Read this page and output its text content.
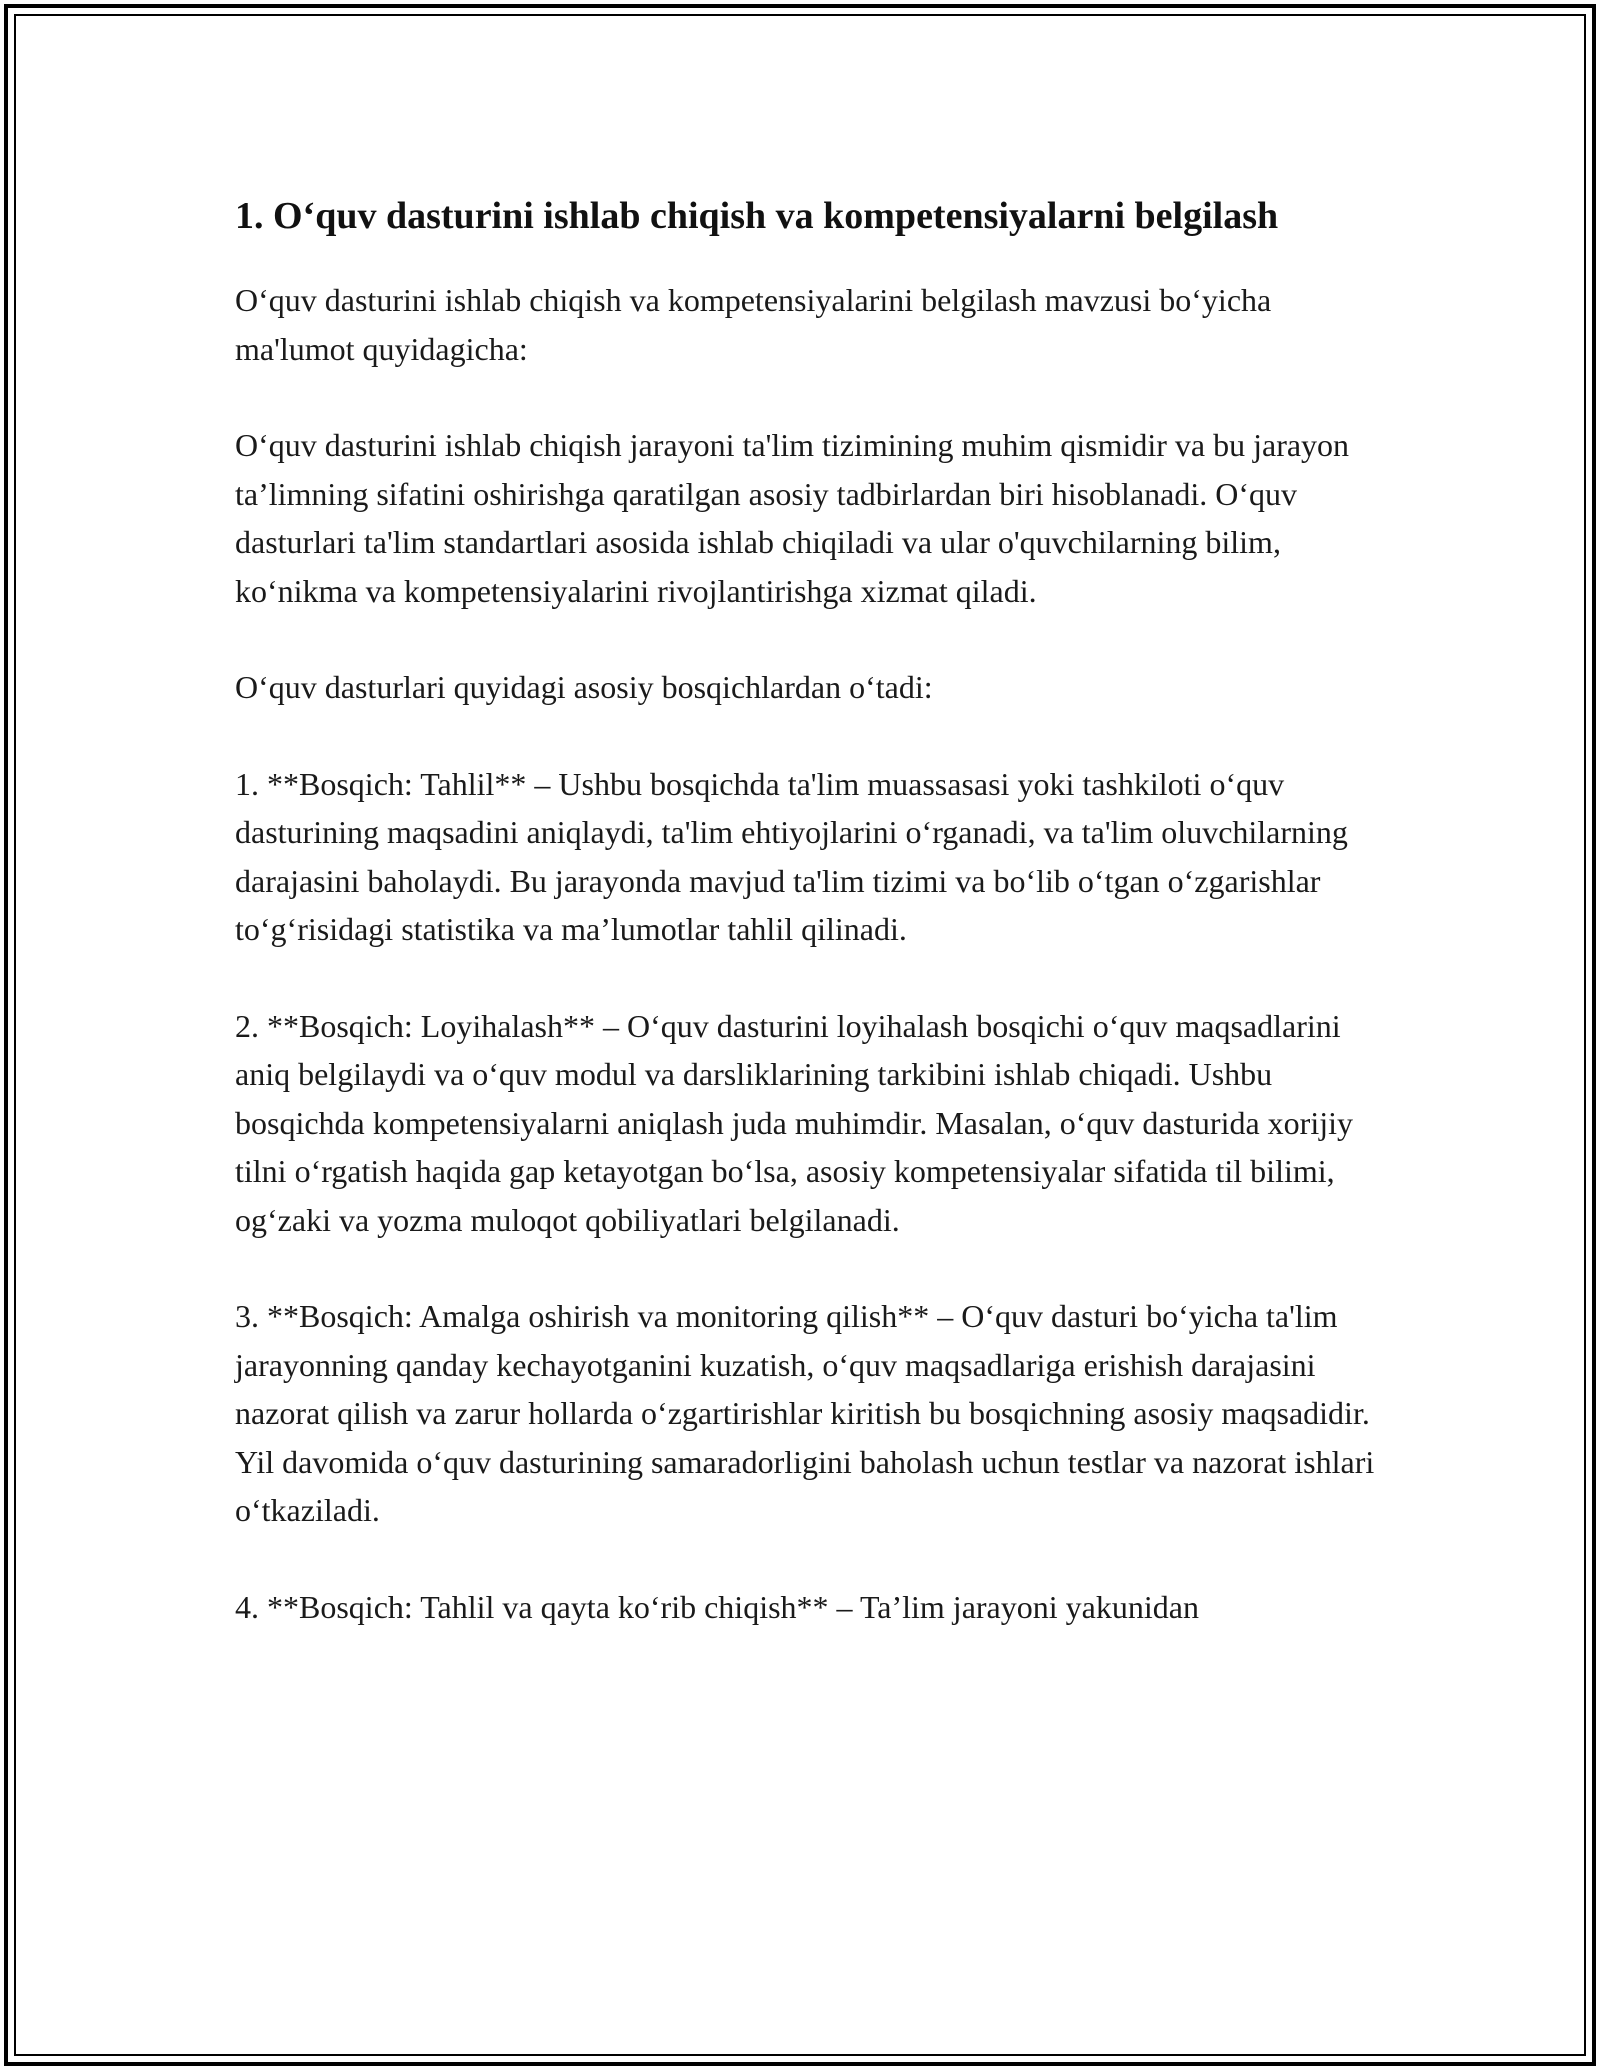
1. O‘quv dasturini ishlab chiqish va kompetensiyalarni belgilash

O‘quv dasturini ishlab chiqish va kompetensiyalarini belgilash mavzusi bo‘yicha ma'lumot quyidagicha:

O‘quv dasturini ishlab chiqish jarayoni ta'lim tizimining muhim qismidir va bu jarayon ta’limning sifatini oshirishga qaratilgan asosiy tadbirlardan biri hisoblanadi. O‘quv dasturlari ta'lim standartlari asosida ishlab chiqiladi va ular o'quvchilarning bilim, ko‘nikma va kompetensiyalarini rivojlantirishga xizmat qiladi.

O‘quv dasturlari quyidagi asosiy bosqichlardan o‘tadi:

1. **Bosqich: Tahlil** – Ushbu bosqichda ta'lim muassasasi yoki tashkiloti o‘quv dasturining maqsadini aniqlaydi, ta'lim ehtiyojlarini o‘rganadi, va ta'lim oluvchilarning darajasini baholaydi. Bu jarayonda mavjud ta'lim tizimi va bo‘lib o‘tgan o‘zgarishlar to‘g‘risidagi statistika va ma’lumotlar tahlil qilinadi.

2. **Bosqich: Loyihalash** – O‘quv dasturini loyihalash bosqichi o‘quv maqsadlarini aniq belgilaydi va o‘quv modul va darsliklarining tarkibini ishlab chiqadi. Ushbu bosqichda kompetensiyalarni aniqlash juda muhimdir. Masalan, o‘quv dasturida xorijiy tilni o‘rgatish haqida gap ketayotgan bo‘lsa, asosiy kompetensiyalar sifatida til bilimi, og‘zaki va yozma muloqot qobiliyatlari belgilanadi.

3. **Bosqich: Amalga oshirish va monitoring qilish** – O‘quv dasturi bo‘yicha ta'lim jarayonning qanday kechayotganini kuzatish, o‘quv maqsadlariga erishish darajasini nazorat qilish va zarur hollarda o‘zgartirishlar kiritish bu bosqichning asosiy maqsadidir. Yil davomida o‘quv dasturining samaradorligini baholash uchun testlar va nazorat ishlari o‘tkaziladi.

4. **Bosqich: Tahlil va qayta ko‘rib chiqish** – Ta’lim jarayoni yakunidan
